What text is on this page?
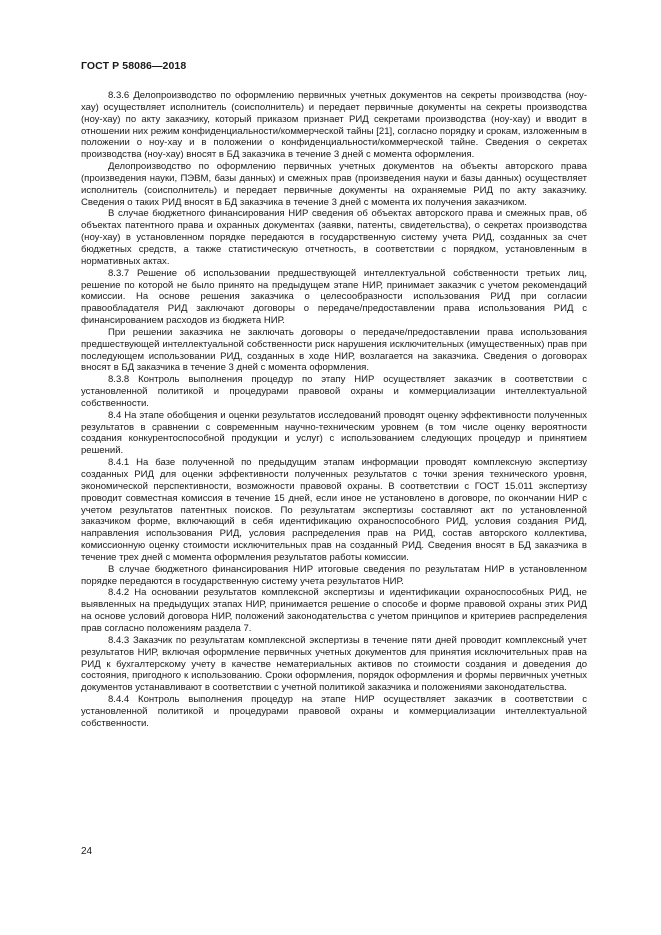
ГОСТ Р 58086—2018

8.3.6 Делопроизводство по оформлению первичных учетных документов на секреты производства (ноу-хау) осуществляет исполнитель (соисполнитель) и передает первичные документы на секреты производства (ноу-хау) по акту заказчику, который приказом признает РИД секретами производства (ноу-хау) и вводит в отношении них режим конфиденциальности/коммерческой тайны [21], согласно порядку и срокам, изложенным в положении о ноу-хау и в положении о конфиденциальности/коммерческой тайне. Сведения о секретах производства (ноу-хау) вносят в БД заказчика в течение 3 дней с момента оформления.

Делопроизводство по оформлению первичных учетных документов на объекты авторского права (произведения науки, ПЭВМ, базы данных) и смежных прав (произведения науки и базы данных) осуществляет исполнитель (соисполнитель) и передает первичные документы на охраняемые РИД по акту заказчику. Сведения о таких РИД вносят в БД заказчика в течение 3 дней с момента их получения заказчиком.

В случае бюджетного финансирования НИР сведения об объектах авторского права и смежных прав, об объектах патентного права и охранных документах (заявки, патенты, свидетельства), о секретах производства (ноу-хау) в установленном порядке передаются в государственную систему учета РИД, созданных за счет бюджетных средств, а также статистическую отчетность, в соответствии с порядком, установленным в нормативных актах.

8.3.7 Решение об использовании предшествующей интеллектуальной собственности третьих лиц, решение по которой не было принято на предыдущем этапе НИР, принимает заказчик с учетом рекомендаций комиссии. На основе решения заказчика о целесообразности использования РИД при согласии правообладателя РИД заключают договоры о передаче/предоставлении права использования РИД с финансированием расходов из бюджета НИР.

При решении заказчика не заключать договоры о передаче/предоставлении права использования предшествующей интеллектуальной собственности риск нарушения исключительных (имущественных) прав при последующем использовании РИД, созданных в ходе НИР, возлагается на заказчика. Сведения о договорах вносят в БД заказчика в течение 3 дней с момента оформления.

8.3.8 Контроль выполнения процедур по этапу НИР осуществляет заказчик в соответствии с установленной политикой и процедурами правовой охраны и коммерциализации интеллектуальной собственности.

8.4 На этапе обобщения и оценки результатов исследований проводят оценку эффективности полученных результатов в сравнении с современным научно-техническим уровнем (в том числе оценку вероятности создания конкурентоспособной продукции и услуг) с использованием следующих процедур и принятием решений.

8.4.1 На базе полученной по предыдущим этапам информации проводят комплексную экспертизу созданных РИД для оценки эффективности полученных результатов с точки зрения технического уровня, экономической перспективности, возможности правовой охраны. В соответствии с ГОСТ 15.011 экспертизу проводит совместная комиссия в течение 15 дней, если иное не установлено в договоре, по окончании НИР с учетом результатов патентных поисков. По результатам экспертизы составляют акт по установленной заказчиком форме, включающий в себя идентификацию охраноспособного РИД, условия создания РИД, направления использования РИД, условия распределения прав на РИД, состав авторского коллектива, комиссионную оценку стоимости исключительных прав на созданный РИД. Сведения вносят в БД заказчика в течение трех дней с момента оформления результатов работы комиссии.

В случае бюджетного финансирования НИР итоговые сведения по результатам НИР в установленном порядке передаются в государственную систему учета результатов НИР.

8.4.2 На основании результатов комплексной экспертизы и идентификации охраноспособных РИД, не выявленных на предыдущих этапах НИР, принимается решение о способе и форме правовой охраны этих РИД на основе условий договора НИР, положений законодательства с учетом принципов и критериев распределения прав согласно положениям раздела 7.

8.4.3 Заказчик по результатам комплексной экспертизы в течение пяти дней проводит комплексный учет результатов НИР, включая оформление первичных учетных документов для принятия исключительных прав на РИД к бухгалтерскому учету в качестве нематериальных активов по стоимости создания и доведения до состояния, пригодного к использованию. Сроки оформления, порядок оформления и формы первичных учетных документов устанавливают в соответствии с учетной политикой заказчика и положениями законодательства.

8.4.4 Контроль выполнения процедур на этапе НИР осуществляет заказчик в соответствии с установленной политикой и процедурами правовой охраны и коммерциализации интеллектуальной собственности.

24
